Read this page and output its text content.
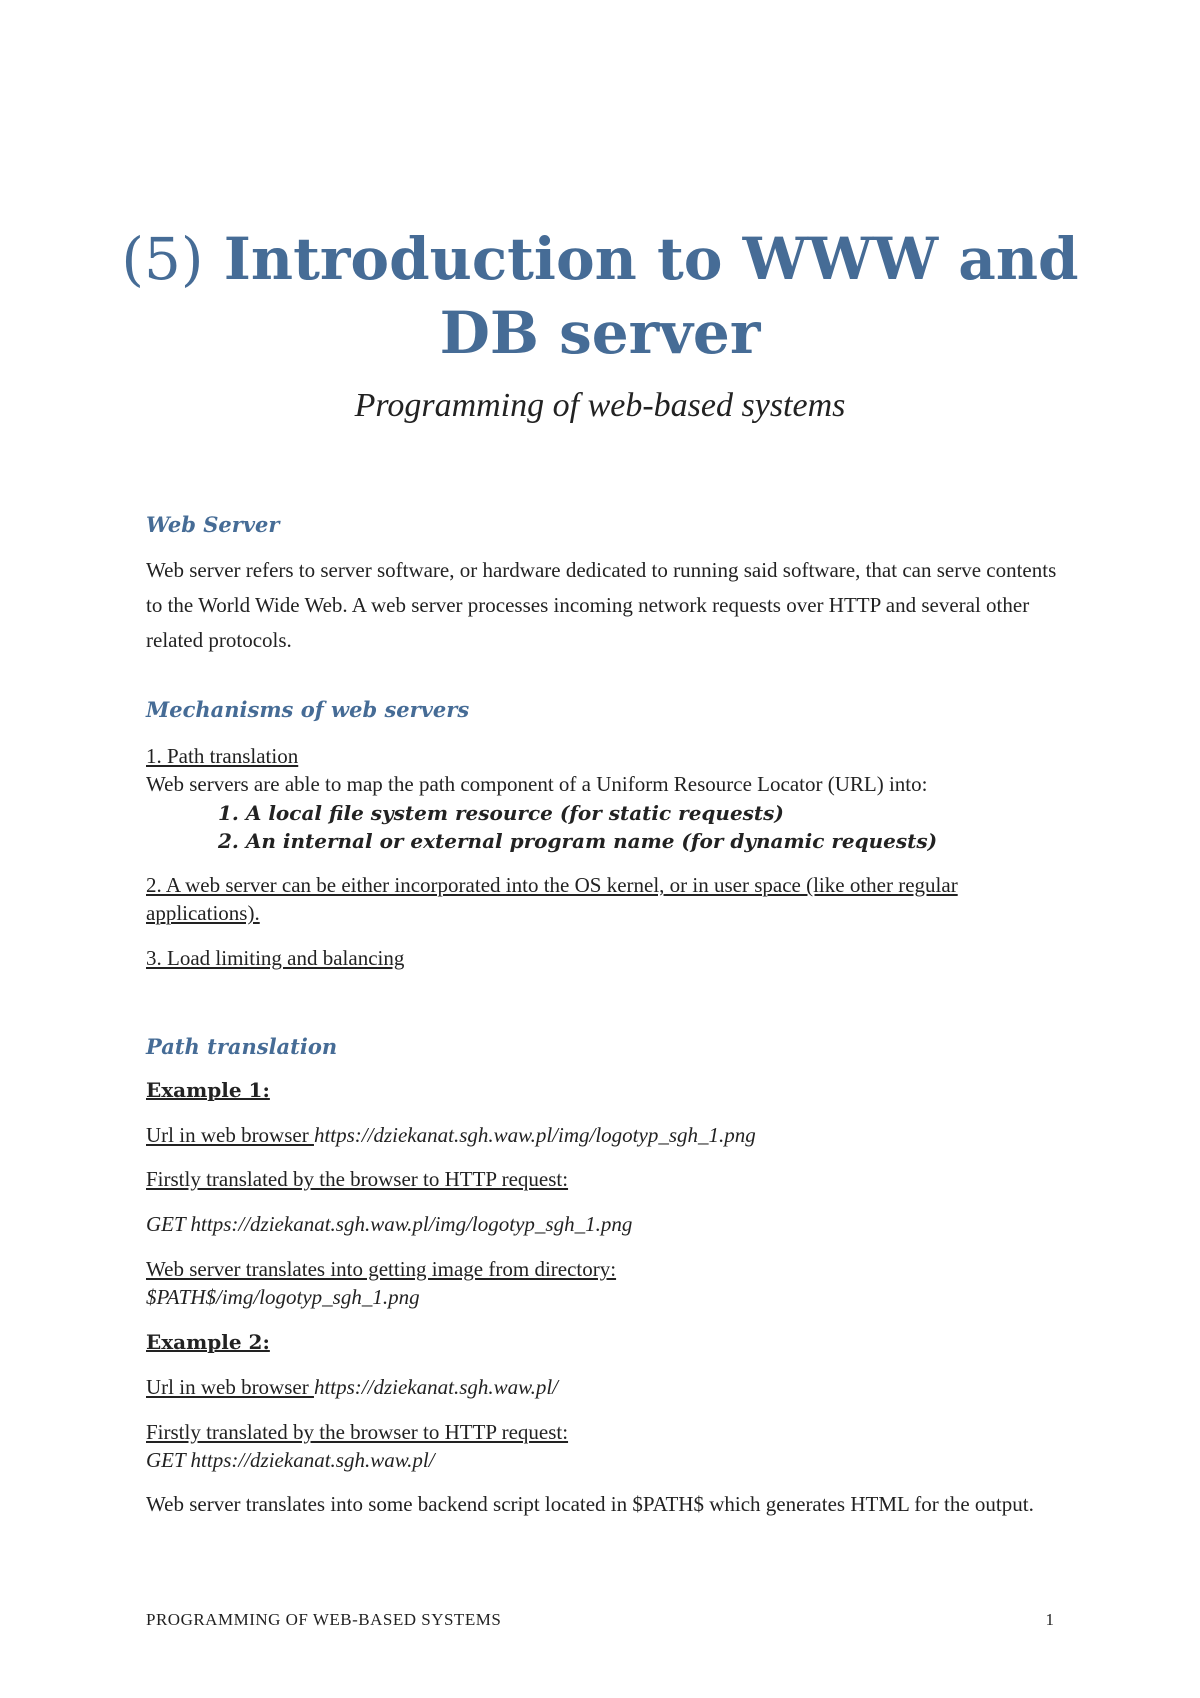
(5) Introduction to WWW and
DB server

Programming of web-based systems

Web Server

Web server refers to server software, or hardware dedicated to running said software, that can serve contents to the World Wide Web. A web server processes incoming network requests over HTTP and several other related protocols.

Mechanisms of web servers

1. Path translation

Web servers are able to map the path component of a Uniform Resource Locator (URL) into:

1. A local file system resource (for static requests)

2. An internal or external program name (for dynamic requests)

2. A web server can be either incorporated into the OS kernel, or in user space (like other regular applications).

3. Load limiting and balancing

Path translation

Example 1:

Url in web browser https://dziekanat.sgh.waw.pl/img/logotyp_sgh_1.png

Firstly translated by the browser to HTTP request:

GET https://dziekanat.sgh.waw.pl/img/logotyp_sgh_1.png

Web server translates into getting image from directory:

$PATH$/img/logotyp_sgh_1.png

Example 2:

Url in web browser https://dziekanat.sgh.waw.pl/

Firstly translated by the browser to HTTP request:

GET https://dziekanat.sgh.waw.pl/

Web server translates into some backend script located in $PATH$ which generates HTML for the output.

PROGRAMMING OF WEB-BASED SYSTEMS	1
